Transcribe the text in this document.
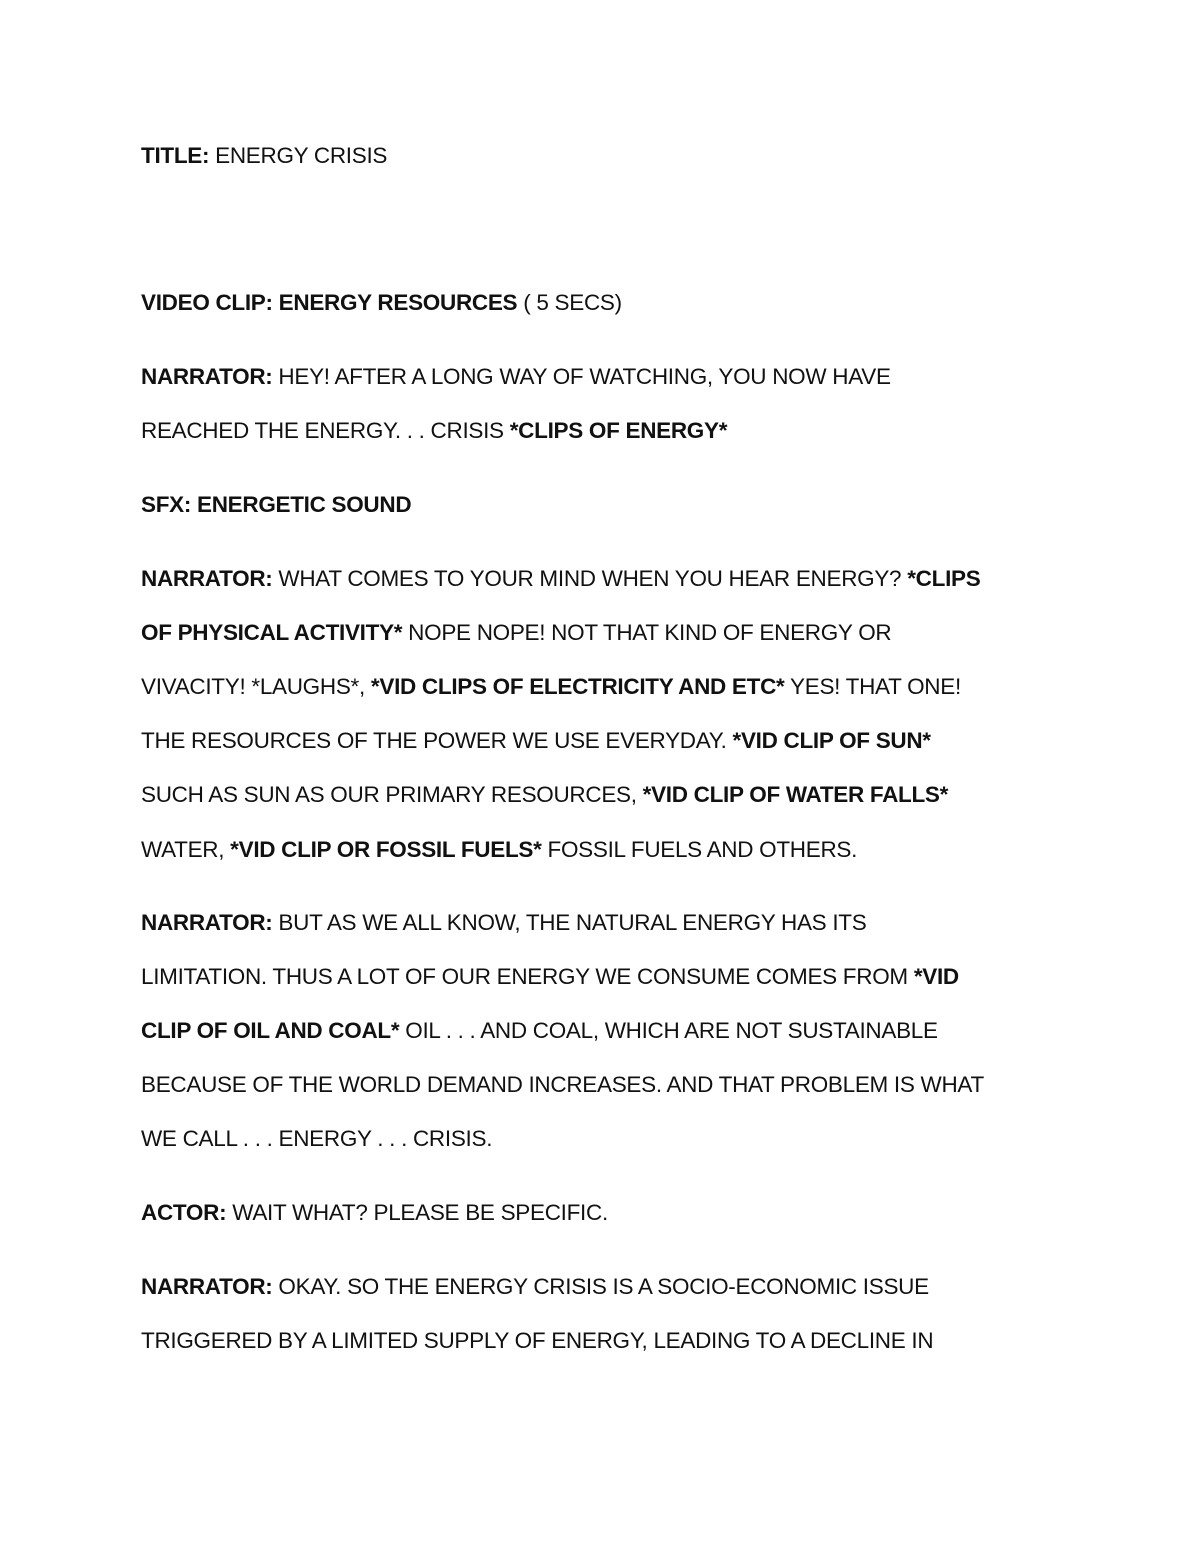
TITLE: ENERGY CRISIS
VIDEO CLIP: ENERGY RESOURCES ( 5 SECS)
NARRATOR: HEY! AFTER A LONG WAY OF WATCHING, YOU NOW HAVE
REACHED THE ENERGY. . . CRISIS *CLIPS OF ENERGY*
SFX: ENERGETIC SOUND
NARRATOR: WHAT COMES TO YOUR MIND WHEN YOU HEAR ENERGY? *CLIPS
OF PHYSICAL ACTIVITY* NOPE NOPE! NOT THAT KIND OF ENERGY OR
VIVACITY! *LAUGHS*, *VID CLIPS OF ELECTRICITY AND ETC* YES! THAT ONE!
THE RESOURCES OF THE POWER WE USE EVERYDAY. *VID CLIP OF SUN*
SUCH AS SUN AS OUR PRIMARY RESOURCES, *VID CLIP OF WATER FALLS*
WATER, *VID CLIP OR FOSSIL FUELS* FOSSIL FUELS AND OTHERS.
NARRATOR: BUT AS WE ALL KNOW, THE NATURAL ENERGY HAS ITS
LIMITATION. THUS A LOT OF OUR ENERGY WE CONSUME COMES FROM *VID
CLIP OF OIL AND COAL* OIL . . . AND COAL, WHICH ARE NOT SUSTAINABLE
BECAUSE OF THE WORLD DEMAND INCREASES. AND THAT PROBLEM IS WHAT
WE CALL . . . ENERGY . . . CRISIS.
ACTOR: WAIT WHAT? PLEASE BE SPECIFIC.
NARRATOR: OKAY. SO THE ENERGY CRISIS IS A SOCIO-ECONOMIC ISSUE
TRIGGERED BY A LIMITED SUPPLY OF ENERGY, LEADING TO A DECLINE IN
